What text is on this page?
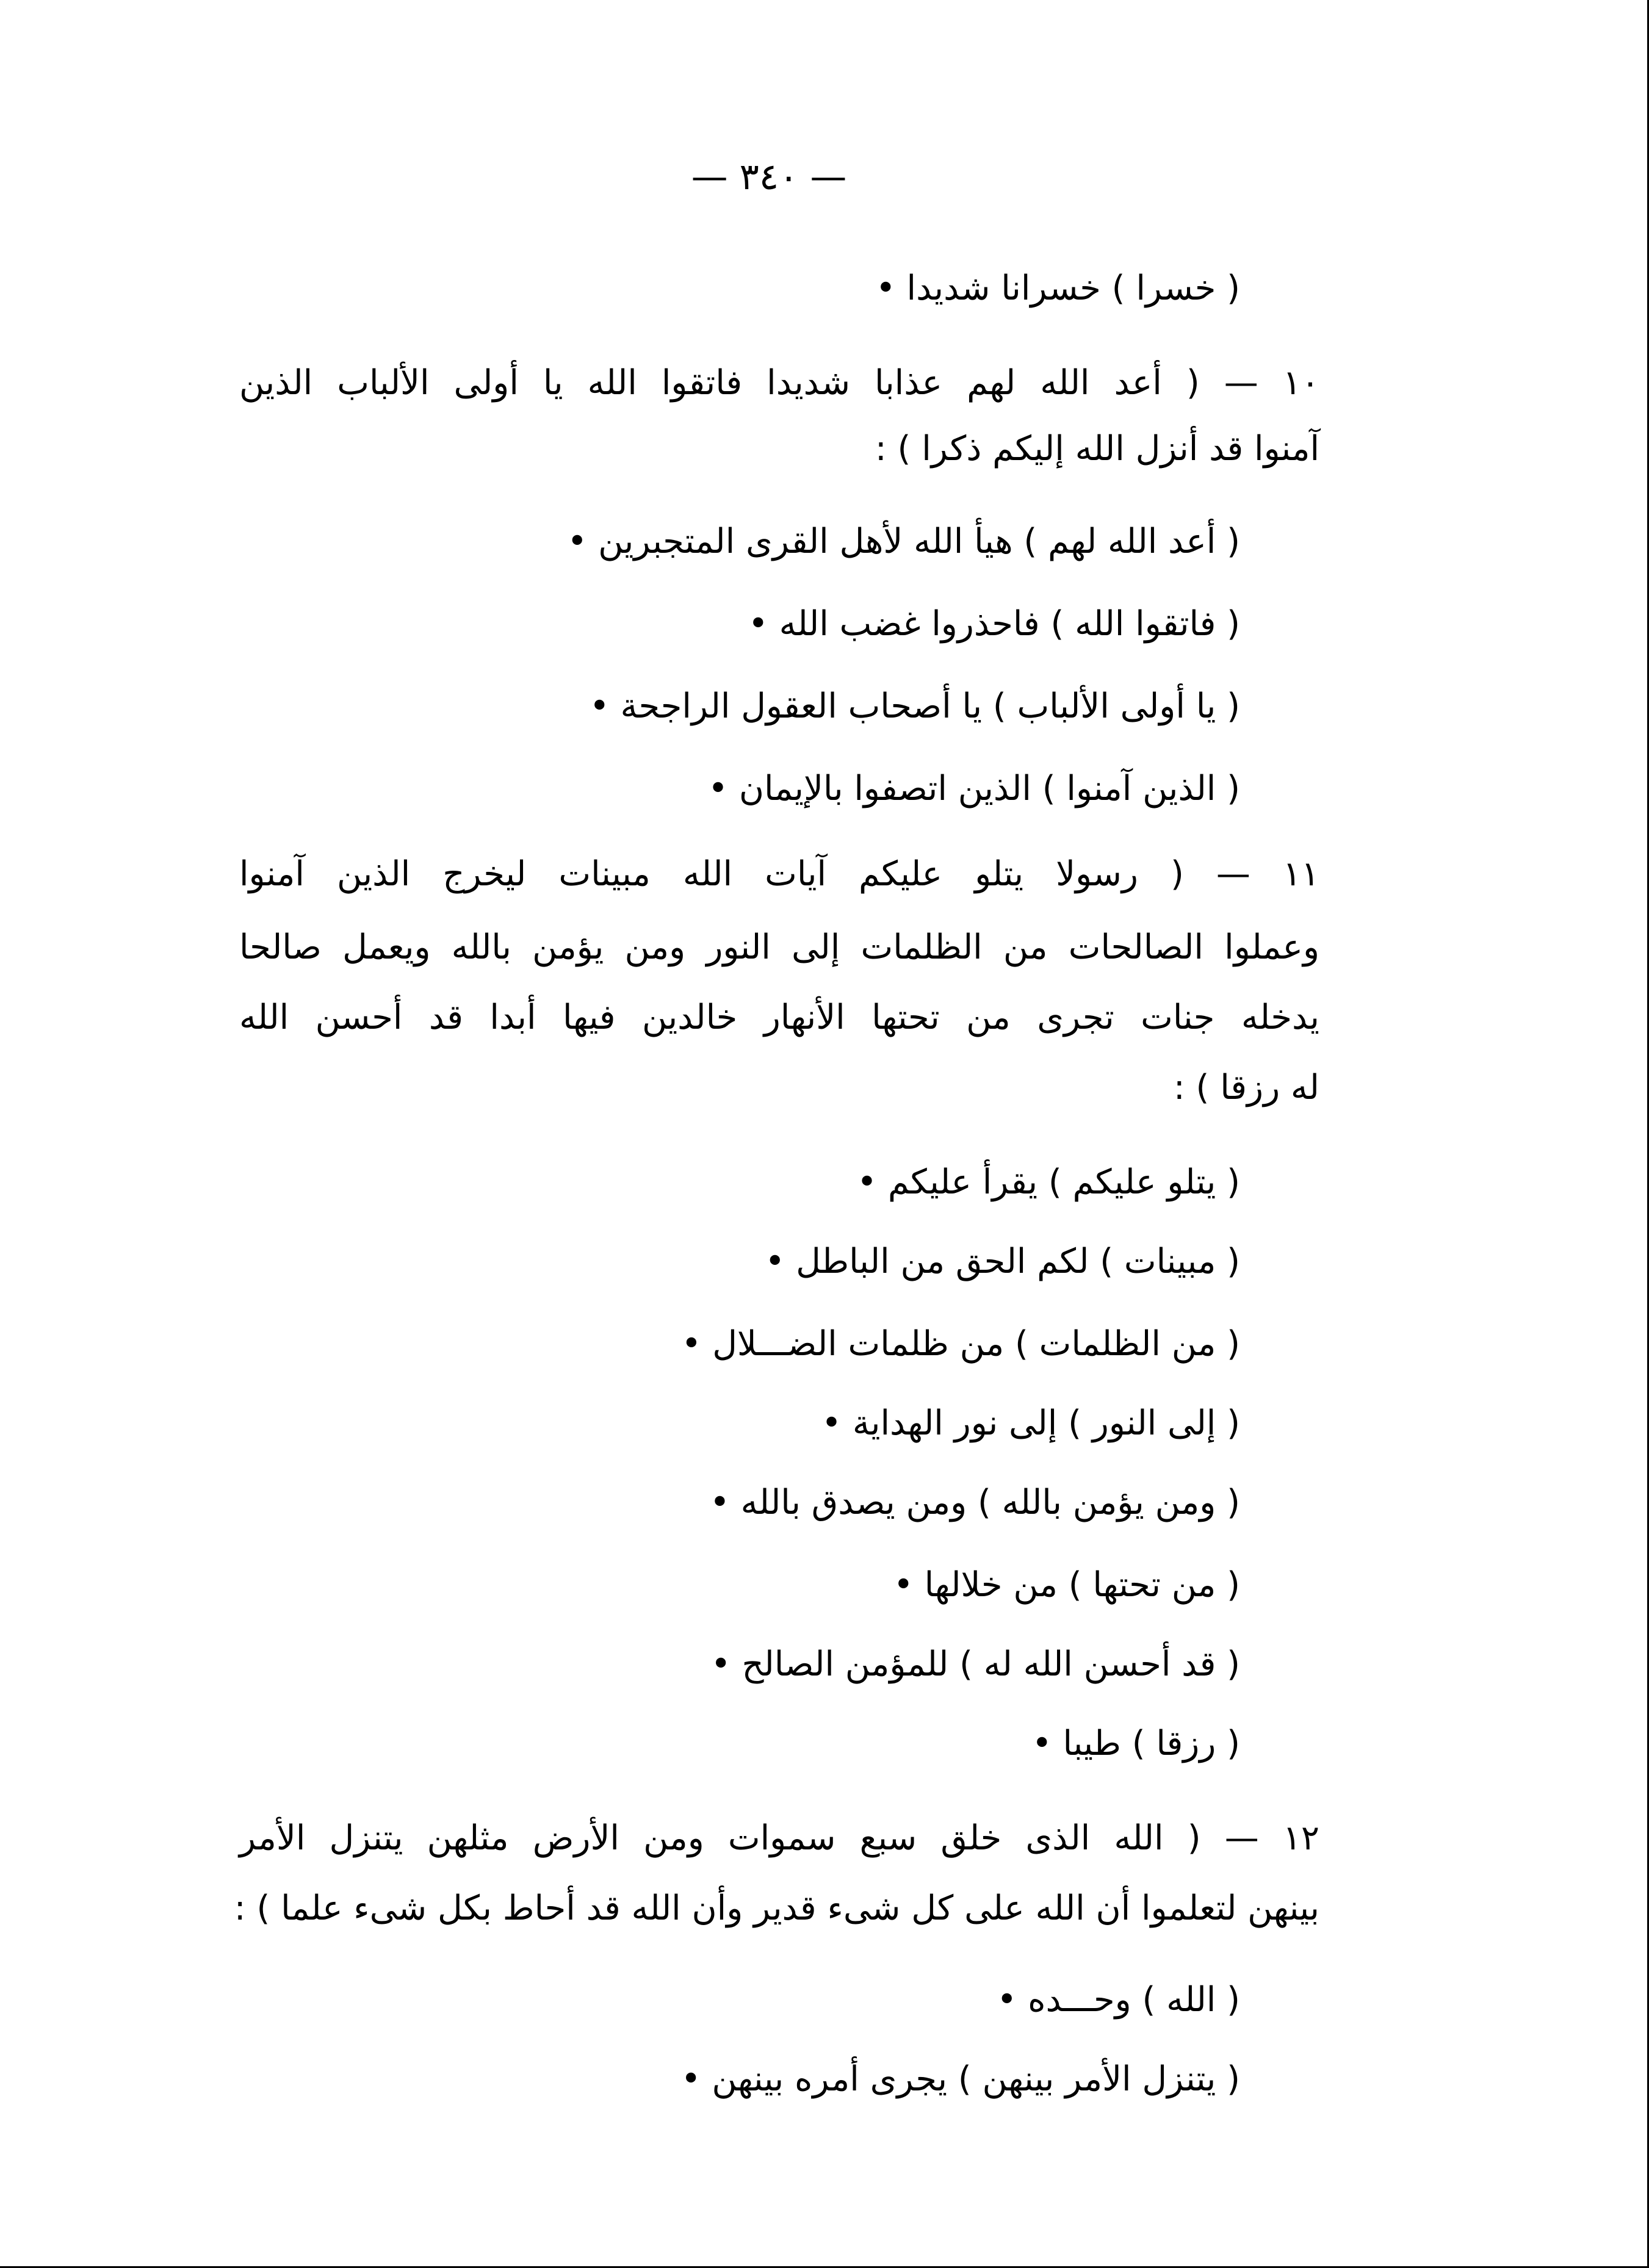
— ٣٤٠ —
( خسرا ) خسرانا شديدا •
١٠ — ( أعد الله لهم عذابا شديدا فاتقوا الله يا أولى الألباب الذين
آمنوا قد أنزل الله إليكم ذكرا ) :
( أعد الله لهم ) هيأ الله لأهل القرى المتجبرين •
( فاتقوا الله ) فاحذروا غضب الله •
( يا أولى الألباب ) يا أصحاب العقول الراجحة •
( الذين آمنوا ) الذين اتصفوا بالإيمان •
١١ — ( رسولا يتلو عليكم آيات الله مبينات ليخرج الذين آمنوا
وعملوا الصالحات من الظلمات إلى النور ومن يؤمن بالله ويعمل صالحا
يدخله جنات تجرى من تحتها الأنهار خالدين فيها أبدا قد أحسن الله
له رزقا ) :
( يتلو عليكم ) يقرأ عليكم •
( مبينات ) لكم الحق من الباطل •
( من الظلمات ) من ظلمات الضـــلال •
( إلى النور ) إلى نور الهداية •
( ومن يؤمن بالله ) ومن يصدق بالله •
( من تحتها ) من خلالها •
( قد أحسن الله له ) للمؤمن الصالح •
( رزقا ) طيبا •
١٢ — ( الله الذى خلق سبع سموات ومن الأرض مثلهن يتنزل الأمر
بينهن لتعلموا أن الله على كل شىء قدير وأن الله قد أحاط بكل شىء علما ) :
( الله ) وحـــده •
( يتنزل الأمر بينهن ) يجرى أمره بينهن •
